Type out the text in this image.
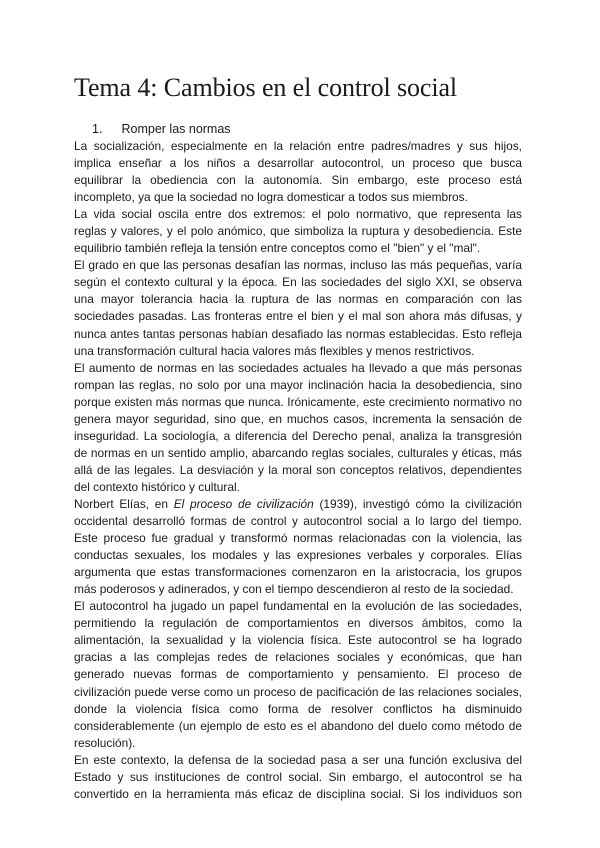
Tema 4: Cambios en el control social
1. Romper las normas
La socialización, especialmente en la relación entre padres/madres y sus hijos,
implica enseñar a los niños a desarrollar autocontrol, un proceso que busca
equilibrar la obediencia con la autonomía. Sin embargo, este proceso está
incompleto, ya que la sociedad no logra domesticar a todos sus miembros.
La vida social oscila entre dos extremos: el polo normativo, que representa las
reglas y valores, y el polo anómico, que simboliza la ruptura y desobediencia. Este
equilibrio también refleja la tensión entre conceptos como el "bien" y el "mal".
El grado en que las personas desafían las normas, incluso las más pequeñas, varía
según el contexto cultural y la época. En las sociedades del siglo XXI, se observa
una mayor tolerancia hacia la ruptura de las normas en comparación con las
sociedades pasadas. Las fronteras entre el bien y el mal son ahora más difusas, y
nunca antes tantas personas habían desafiado las normas establecidas. Esto refleja
una transformación cultural hacia valores más flexibles y menos restrictivos.
El aumento de normas en las sociedades actuales ha llevado a que más personas
rompan las reglas, no solo por una mayor inclinación hacia la desobediencia, sino
porque existen más normas que nunca. Irónicamente, este crecimiento normativo no
genera mayor seguridad, sino que, en muchos casos, incrementa la sensación de
inseguridad. La sociología, a diferencia del Derecho penal, analiza la transgresión
de normas en un sentido amplio, abarcando reglas sociales, culturales y éticas, más
allá de las legales. La desviación y la moral son conceptos relativos, dependientes
del contexto histórico y cultural.
Norbert Elías, en El proceso de civilización (1939), investigó cómo la civilización
occidental desarrolló formas de control y autocontrol social a lo largo del tiempo.
Este proceso fue gradual y transformó normas relacionadas con la violencia, las
conductas sexuales, los modales y las expresiones verbales y corporales. Elías
argumenta que estas transformaciones comenzaron en la aristocracia, los grupos
más poderosos y adinerados, y con el tiempo descendieron al resto de la sociedad.
El autocontrol ha jugado un papel fundamental en la evolución de las sociedades,
permitiendo la regulación de comportamientos en diversos ámbitos, como la
alimentación, la sexualidad y la violencia física. Este autocontrol se ha logrado
gracias a las complejas redes de relaciones sociales y económicas, que han
generado nuevas formas de comportamiento y pensamiento. El proceso de
civilización puede verse como un proceso de pacificación de las relaciones sociales,
donde la violencia física como forma de resolver conflictos ha disminuido
considerablemente (un ejemplo de esto es el abandono del duelo como método de
resolución).
En este contexto, la defensa de la sociedad pasa a ser una función exclusiva del
Estado y sus instituciones de control social. Sin embargo, el autocontrol se ha
convertido en la herramienta más eficaz de disciplina social. Si los individuos son
